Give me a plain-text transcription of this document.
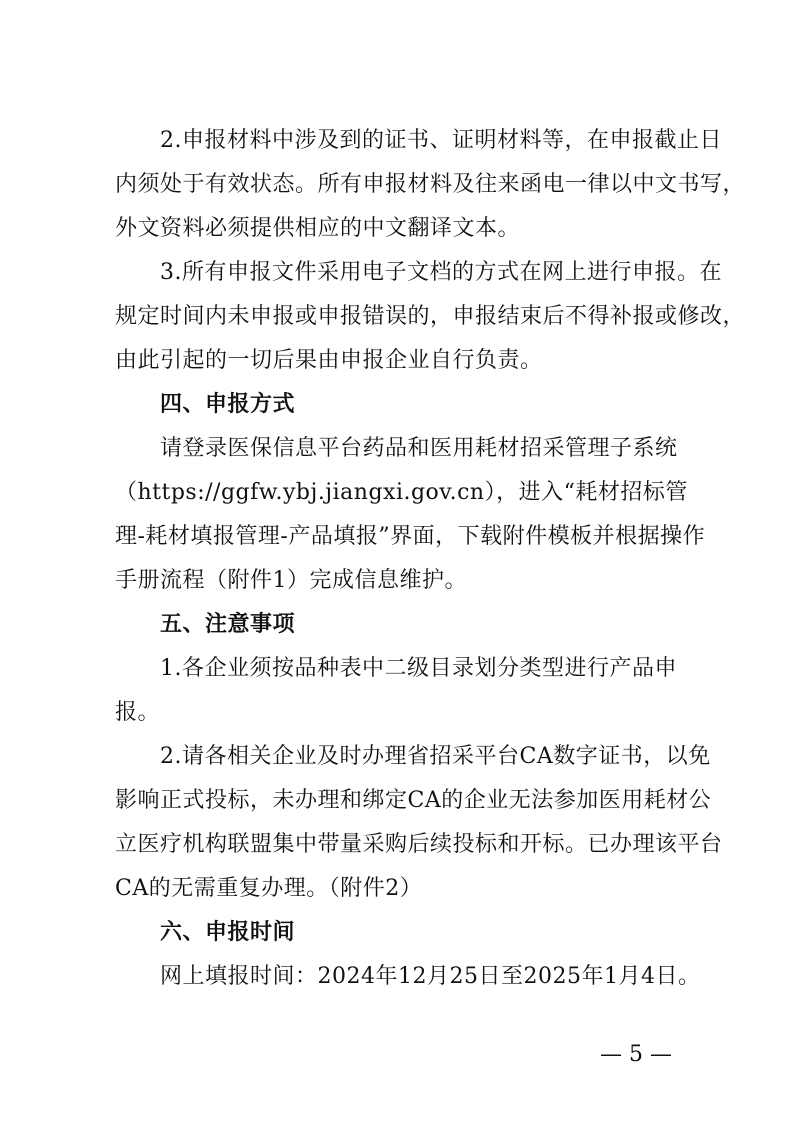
2.申报材料中涉及到的证书、证明材料等，在申报截止日
内须处于有效状态。所有申报材料及往来函电一律以中文书写，
外文资料必须提供相应的中文翻译文本。
3.所有申报文件采用电子文档的方式在网上进行申报。在
规定时间内未申报或申报错误的，申报结束后不得补报或修改，
由此引起的一切后果由申报企业自行负责。
四、申报方式
请登录医保信息平台药品和医用耗材招采管理子系统
（https://ggfw.ybj.jiangxi.gov.cn），进入“耗材招标管
理-耗材填报管理-产品填报”界面，下载附件模板并根据操作
手册流程（附件1）完成信息维护。
五、注意事项
1.各企业须按品种表中二级目录划分类型进行产品申
报。
2.请各相关企业及时办理省招采平台CA数字证书，以免
影响正式投标，未办理和绑定CA的企业无法参加医用耗材公
立医疗机构联盟集中带量采购后续投标和开标。已办理该平台
CA的无需重复办理。（附件2）
六、申报时间
网上填报时间：2024年12月25日至2025年1月4日。
— 5 —
